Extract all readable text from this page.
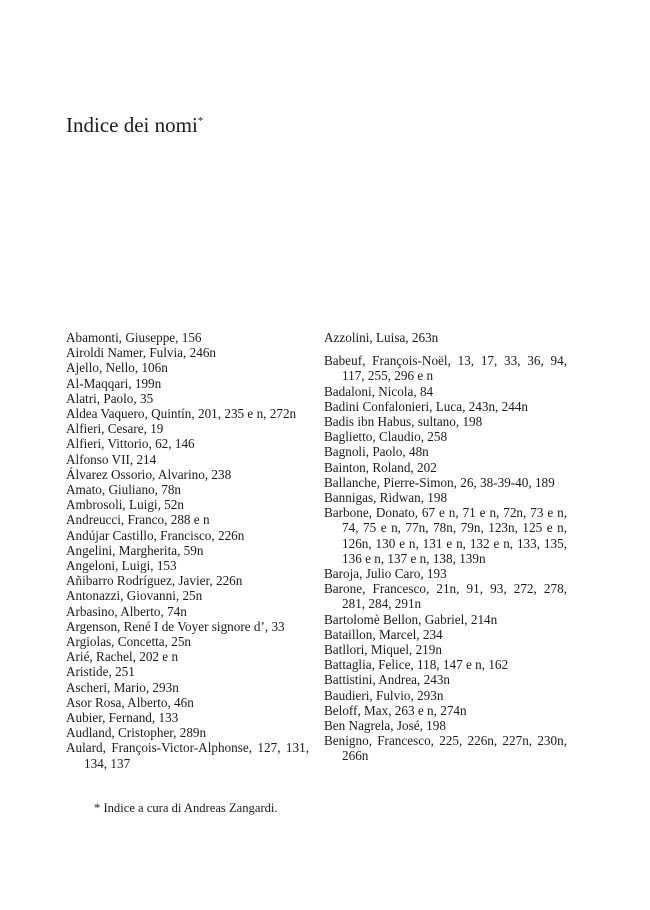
Indice dei nomi*
Abamonti, Giuseppe, 156
Airoldi Namer, Fulvia, 246n
Ajello, Nello, 106n
Al-Maqqari, 199n
Alatri, Paolo, 35
Aldea Vaquero, Quintín, 201, 235 e n, 272n
Alfieri, Cesare, 19
Alfieri, Vittorio, 62, 146
Alfonso VII, 214
Álvarez Ossorio, Alvarino, 238
Amato, Giuliano, 78n
Ambrosoli, Luigi, 52n
Andreucci, Franco, 288 e n
Andújar Castillo, Francisco, 226n
Angelini, Margherita, 59n
Angeloni, Luigi, 153
Añibarro Rodríguez, Javier, 226n
Antonazzi, Giovanni, 25n
Arbasino, Alberto, 74n
Argenson, René I de Voyer signore d’, 33
Argiolas, Concetta, 25n
Arié, Rachel, 202 e n
Aristide, 251
Ascheri, Mario, 293n
Asor Rosa, Alberto, 46n
Aubier, Fernand, 133
Audland, Cristopher, 289n
Aulard, François-Victor-Alphonse, 127, 131, 134, 137
Azzolini, Luisa, 263n
Babeuf, François-Noël, 13, 17, 33, 36, 94, 117, 255, 296 e n
Badaloni, Nicola, 84
Badini Confalonieri, Luca, 243n, 244n
Badis ibn Habus, sultano, 198
Baglietto, Claudio, 258
Bagnoli, Paolo, 48n
Bainton, Roland, 202
Ballanche, Pierre-Simon, 26, 38-39-40, 189
Bannigas, Ridwan, 198
Barbone, Donato, 67 e n, 71 e n, 72n, 73 e n, 74, 75 e n, 77n, 78n, 79n, 123n, 125 e n, 126n, 130 e n, 131 e n, 132 e n, 133, 135, 136 e n, 137 e n, 138, 139n
Baroja, Julio Caro, 193
Barone, Francesco, 21n, 91, 93, 272, 278, 281, 284, 291n
Bartolomè Bellon, Gabriel, 214n
Bataillon, Marcel, 234
Batllori, Miquel, 219n
Battaglia, Felice, 118, 147 e n, 162
Battistini, Andrea, 243n
Baudieri, Fulvio, 293n
Beloff, Max, 263 e n, 274n
Ben Nagrela, José, 198
Benigno, Francesco, 225, 226n, 227n, 230n, 266n

* Indice a cura di Andreas Zangardi.
